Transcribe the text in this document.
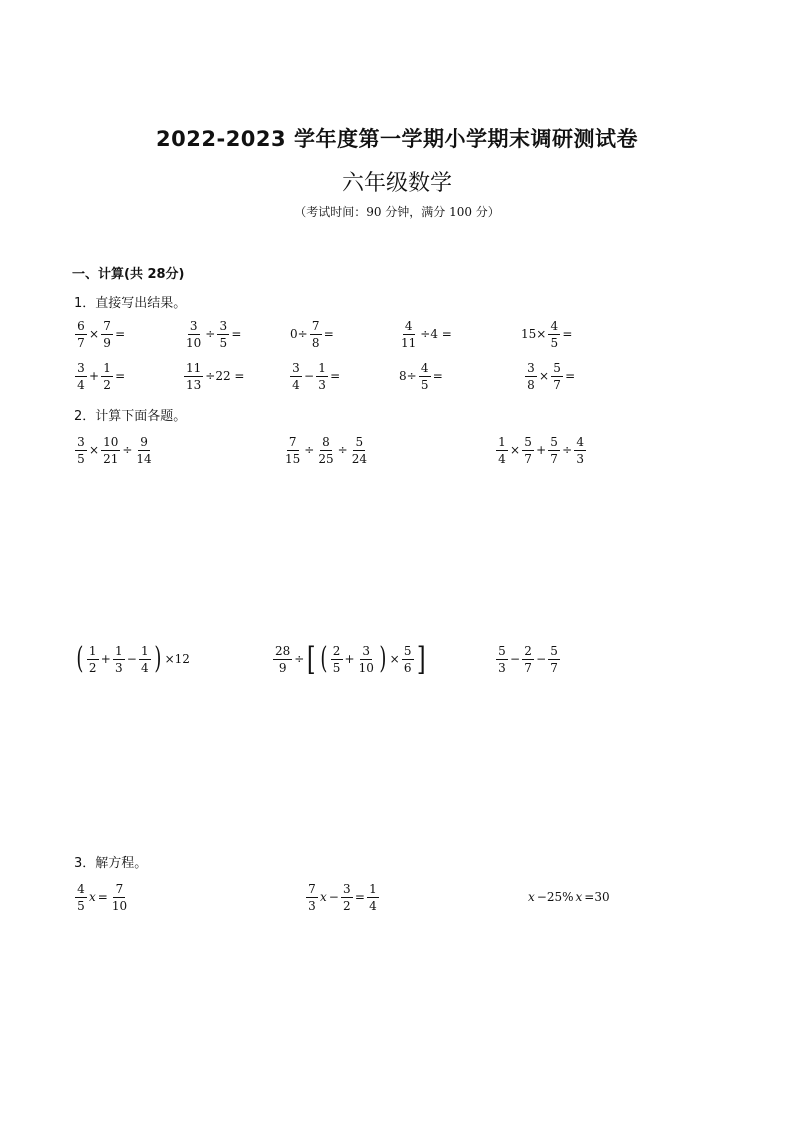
2022-2023 学年度第一学期小学期末调研测试卷
六年级数学
（考试时间：90 分钟，满分 100 分）
一、计算(共 28分)
1．直接写出结果。
2．计算下面各题。
3．解方程。
$\frac{6}{7} \times \frac{7}{9}$ =	$\frac{3}{10} \div \frac{3}{5}$ =	$0\div \frac{7}{8}$ =	$\frac{4}{11} \div 4$ =	$15\times \frac{4}{5}$ =
$\frac{3}{4} + \frac{1}{2}$ =	$\frac{11}{13} \div 22$ =	$\frac{3}{4} - \frac{1}{3}$ =	$8\div \frac{4}{5}$ =	$\frac{3}{8} \times \frac{5}{7}$ =
$\frac{3}{5} \times \frac{10}{21} \div \frac{9}{14}$	$\frac{7}{15} \div \frac{8}{25} \div \frac{5}{24}$	$\frac{1}{4} \times \frac{5}{7} + \frac{5}{7} \div \frac{4}{3}$
( $\frac{1}{2} + \frac{1}{3} - \frac{1}{4}$ ) ×12	$\frac{28}{9}$ ÷ [ ( $\frac{2}{5} + \frac{3}{10}$ ) × $\frac{5}{6}$ ]	$\frac{5}{3} - \frac{2}{7} - \frac{5}{7}$
$\frac{4}{5}$ $x = \frac{7}{10}$	$\frac{7}{3}$ $x - \frac{3}{2} = \frac{1}{4}$	x −25% x =30
